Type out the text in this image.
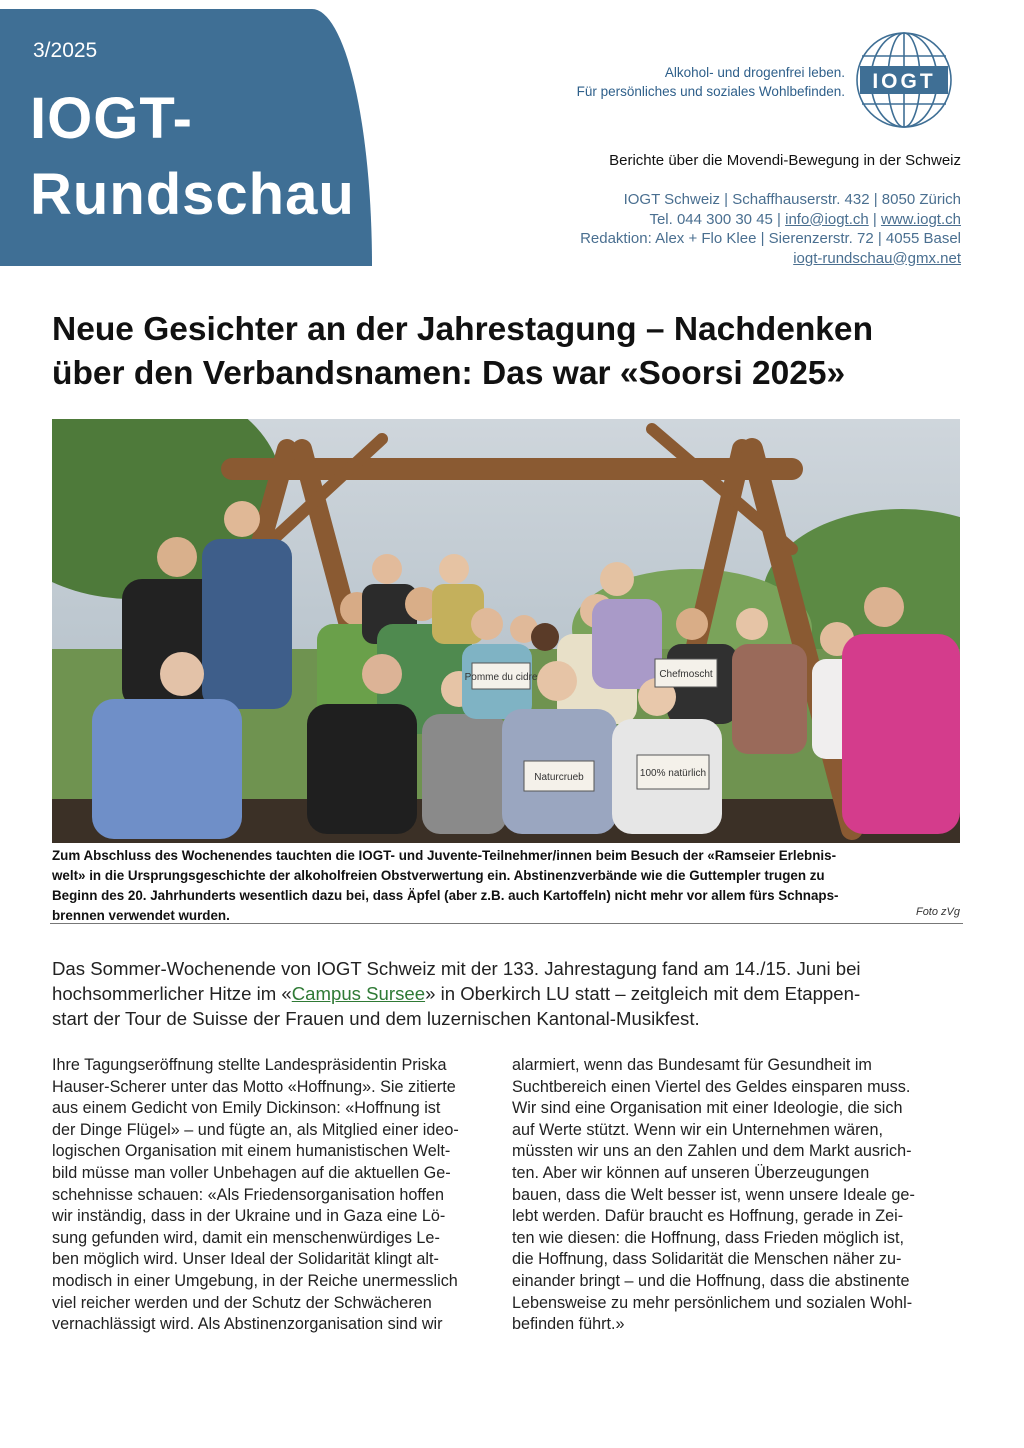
3/2025
IOGT-
Rundschau
Alkohol- und drogenfrei leben.
Für persönliches und soziales Wohlbefinden. IOGT
Berichte über die Movendi-Bewegung in der Schweiz
IOGT Schweiz | Schaffhauserstr. 432 | 8050 Zürich
Tel. 044 300 30 45 | info@iogt.ch | www.iogt.ch
Redaktion: Alex + Flo Klee | Sierenzerstr. 72 | 4055 Basel
iogt-rundschau@gmx.net
Neue Gesichter an der Jahrestagung – Nachdenken
über den Verbandsnamen: Das war «Soorsi 2025»
Pomme du cidre	Chefmoscht
Naturcrueb	100% natürlich
Zum Abschluss des Wochenendes tauchten die IOGT- und Juvente-Teilnehmer/innen beim Besuch der «Ramseier Erlebnis-
welt» in die Ursprungsgeschichte der alkoholfreien Obstverwertung ein. Abstinenzverbände wie die Guttempler trugen zu
Beginn des 20. Jahrhunderts wesentlich dazu bei, dass Äpfel (aber z.B. auch Kartoffeln) nicht mehr vor allem fürs Schnaps-
brennen verwendet wurden.	Foto zVg
Das Sommer-Wochenende von IOGT Schweiz mit der 133. Jahrestagung fand am 14./15. Juni bei
hochsommerlicher Hitze im «Campus Sursee» in Oberkirch LU statt – zeitgleich mit dem Etappen-
start der Tour de Suisse der Frauen und dem luzernischen Kantonal-Musikfest.
Ihre Tagungseröffnung stellte Landespräsidentin Priska
Hauser-Scherer unter das Motto «Hoffnung». Sie zitierte
aus einem Gedicht von Emily Dickinson: «Hoffnung ist
der Dinge Flügel» – und fügte an, als Mitglied einer ideo-
logischen Organisation mit einem humanistischen Welt-
bild müsse man voller Unbehagen auf die aktuellen Ge-
schehnisse schauen: «Als Friedensorganisation hoffen
wir inständig, dass in der Ukraine und in Gaza eine Lö-
sung gefunden wird, damit ein menschenwürdiges Le-
ben möglich wird. Unser Ideal der Solidarität klingt alt-
modisch in einer Umgebung, in der Reiche unermesslich
viel reicher werden und der Schutz der Schwächeren
vernachlässigt wird. Als Abstinenzorganisation sind wir
alarmiert, wenn das Bundesamt für Gesundheit im
Suchtbereich einen Viertel des Geldes einsparen muss.
Wir sind eine Organisation mit einer Ideologie, die sich
auf Werte stützt. Wenn wir ein Unternehmen wären,
müssten wir uns an den Zahlen und dem Markt ausrich-
ten. Aber wir können auf unseren Überzeugungen
bauen, dass die Welt besser ist, wenn unsere Ideale ge-
lebt werden. Dafür braucht es Hoffnung, gerade in Zei-
ten wie diesen: die Hoffnung, dass Frieden möglich ist,
die Hoffnung, dass Solidarität die Menschen näher zu-
einander bringt – und die Hoffnung, dass die abstinente
Lebensweise zu mehr persönlichem und sozialen Wohl-
befinden führt.»
